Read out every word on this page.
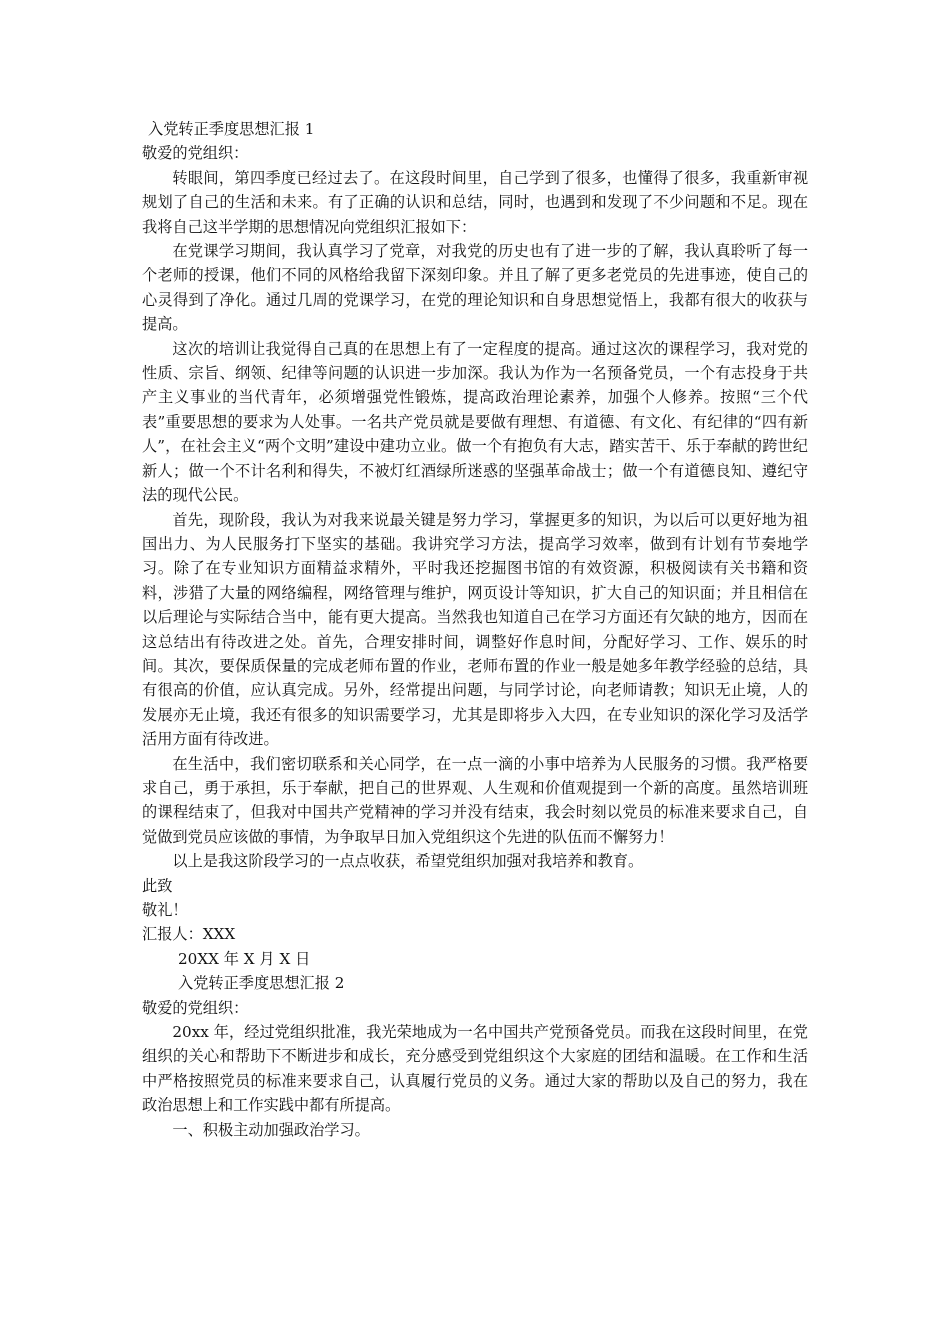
入党转正季度思想汇报 1

敬爱的党组织：

转眼间，第四季度已经过去了。在这段时间里，自己学到了很多，也懂得了很多，我重新审视规划了自己的生活和未来。有了正确的认识和总结，同时，也遇到和发现了不少问题和不足。现在我将自己这半学期的思想情况向党组织汇报如下：

在党课学习期间，我认真学习了党章，对我党的历史也有了进一步的了解，我认真聆听了每一个老师的授课，他们不同的风格给我留下深刻印象。并且了解了更多老党员的先进事迹，使自己的心灵得到了净化。通过几周的党课学习，在党的理论知识和自身思想觉悟上，我都有很大的收获与提高。

这次的培训让我觉得自己真的在思想上有了一定程度的提高。通过这次的课程学习，我对党的性质、宗旨、纲领、纪律等问题的认识进一步加深。我认为作为一名预备党员，一个有志投身于共产主义事业的当代青年，必须增强党性锻炼，提高政治理论素养，加强个人修养。按照“三个代表”重要思想的要求为人处事。一名共产党员就是要做有理想、有道德、有文化、有纪律的“四有新人”，在社会主义“两个文明”建设中建功立业。做一个有抱负有大志，踏实苦干、乐于奉献的跨世纪新人；做一个不计名利和得失，不被灯红酒绿所迷惑的坚强革命战士；做一个有道德良知、遵纪守法的现代公民。

首先，现阶段，我认为对我来说最关键是努力学习，掌握更多的知识，为以后可以更好地为祖国出力、为人民服务打下坚实的基础。我讲究学习方法，提高学习效率，做到有计划有节奏地学习。除了在专业知识方面精益求精外，平时我还挖掘图书馆的有效资源，积极阅读有关书籍和资料，涉猎了大量的网络编程，网络管理与维护，网页设计等知识，扩大自己的知识面；并且相信在以后理论与实际结合当中，能有更大提高。当然我也知道自己在学习方面还有欠缺的地方，因而在这总结出有待改进之处。首先，合理安排时间，调整好作息时间，分配好学习、工作、娱乐的时间。其次，要保质保量的完成老师布置的作业，老师布置的作业一般是她多年教学经验的总结，具有很高的价值，应认真完成。另外，经常提出问题，与同学讨论，向老师请教；知识无止境，人的发展亦无止境，我还有很多的知识需要学习，尤其是即将步入大四，在专业知识的深化学习及活学活用方面有待改进。

在生活中，我们密切联系和关心同学，在一点一滴的小事中培养为人民服务的习惯。我严格要求自己，勇于承担，乐于奉献，把自己的世界观、人生观和价值观提到一个新的高度。虽然培训班的课程结束了，但我对中国共产党精神的学习并没有结束，我会时刻以党员的标准来要求自己，自觉做到党员应该做的事情，为争取早日加入党组织这个先进的队伍而不懈努力！

以上是我这阶段学习的一点点收获，希望党组织加强对我培养和教育。

此致

敬礼！

汇报人：XXX

20XX 年 X 月 X 日

入党转正季度思想汇报 2

敬爱的党组织：

20xx 年，经过党组织批准，我光荣地成为一名中国共产党预备党员。而我在这段时间里，在党组织的关心和帮助下不断进步和成长，充分感受到党组织这个大家庭的团结和温暖。在工作和生活中严格按照党员的标准来要求自己，认真履行党员的义务。通过大家的帮助以及自己的努力，我在政治思想上和工作实践中都有所提高。

一、积极主动加强政治学习。
